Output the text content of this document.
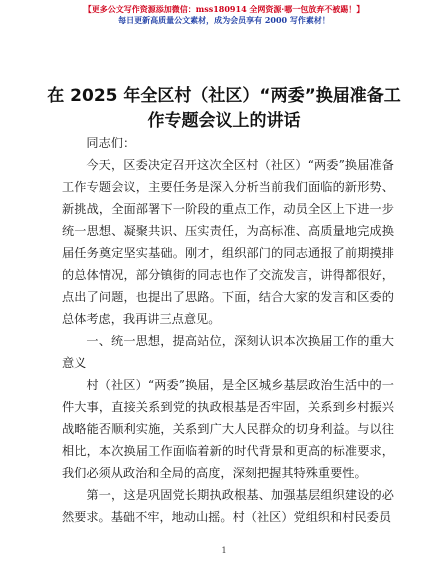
【更多公文写作资源添加微信：mss180914 全网资源·哪一包放弃不被踢！】
每日更新高质量公文素材，成为会员享有 2000 写作素材！
在 2025 年全区村（社区）“两委”换届准备工作专题会议上的讲话

同志们：

今天，区委决定召开这次全区村（社区）“两委”换届准备工作专题会议，主要任务是深入分析当前我们面临的新形势、新挑战，全面部署下一阶段的重点工作，动员全区上下进一步统一思想、凝聚共识、压实责任，为高标准、高质量地完成换届任务奠定坚实基础。刚才，组织部门的同志通报了前期摸排的总体情况，部分镇街的同志也作了交流发言，讲得都很好，点出了问题，也提出了思路。下面，结合大家的发言和区委的总体考虑，我再讲三点意见。

一、统一思想，提高站位，深刻认识本次换届工作的重大意义

村（社区）“两委”换届，是全区城乡基层政治生活中的一件大事，直接关系到党的执政根基是否牢固，关系到乡村振兴战略能否顺利实施，关系到广大人民群众的切身利益。与以往相比，本次换届工作面临着新的时代背景和更高的标准要求，我们必须从政治和全局的高度，深刻把握其特殊重要性。

第一，这是巩固党长期执政根基、加强基层组织建设的必然要求。基础不牢，地动山摇。村（社区）党组织和村民委员

1
